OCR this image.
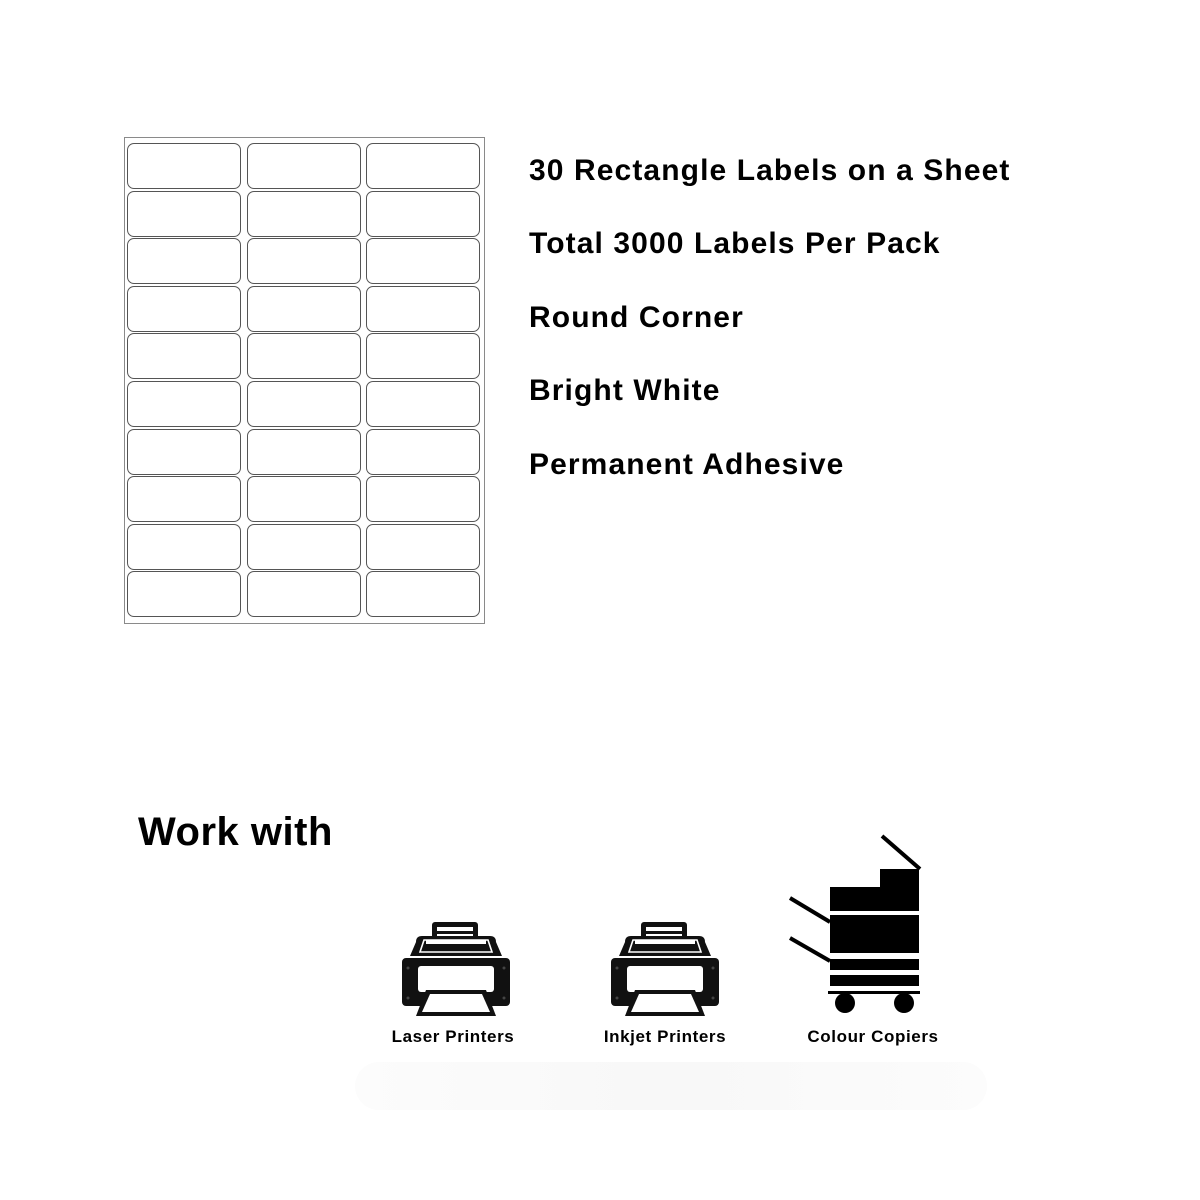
30 Rectangle Labels on a Sheet
Total 3000 Labels Per Pack
Round Corner
Bright White
Permanent Adhesive
Work with
Laser Printers	Inkjet Printers	Colour Copiers
